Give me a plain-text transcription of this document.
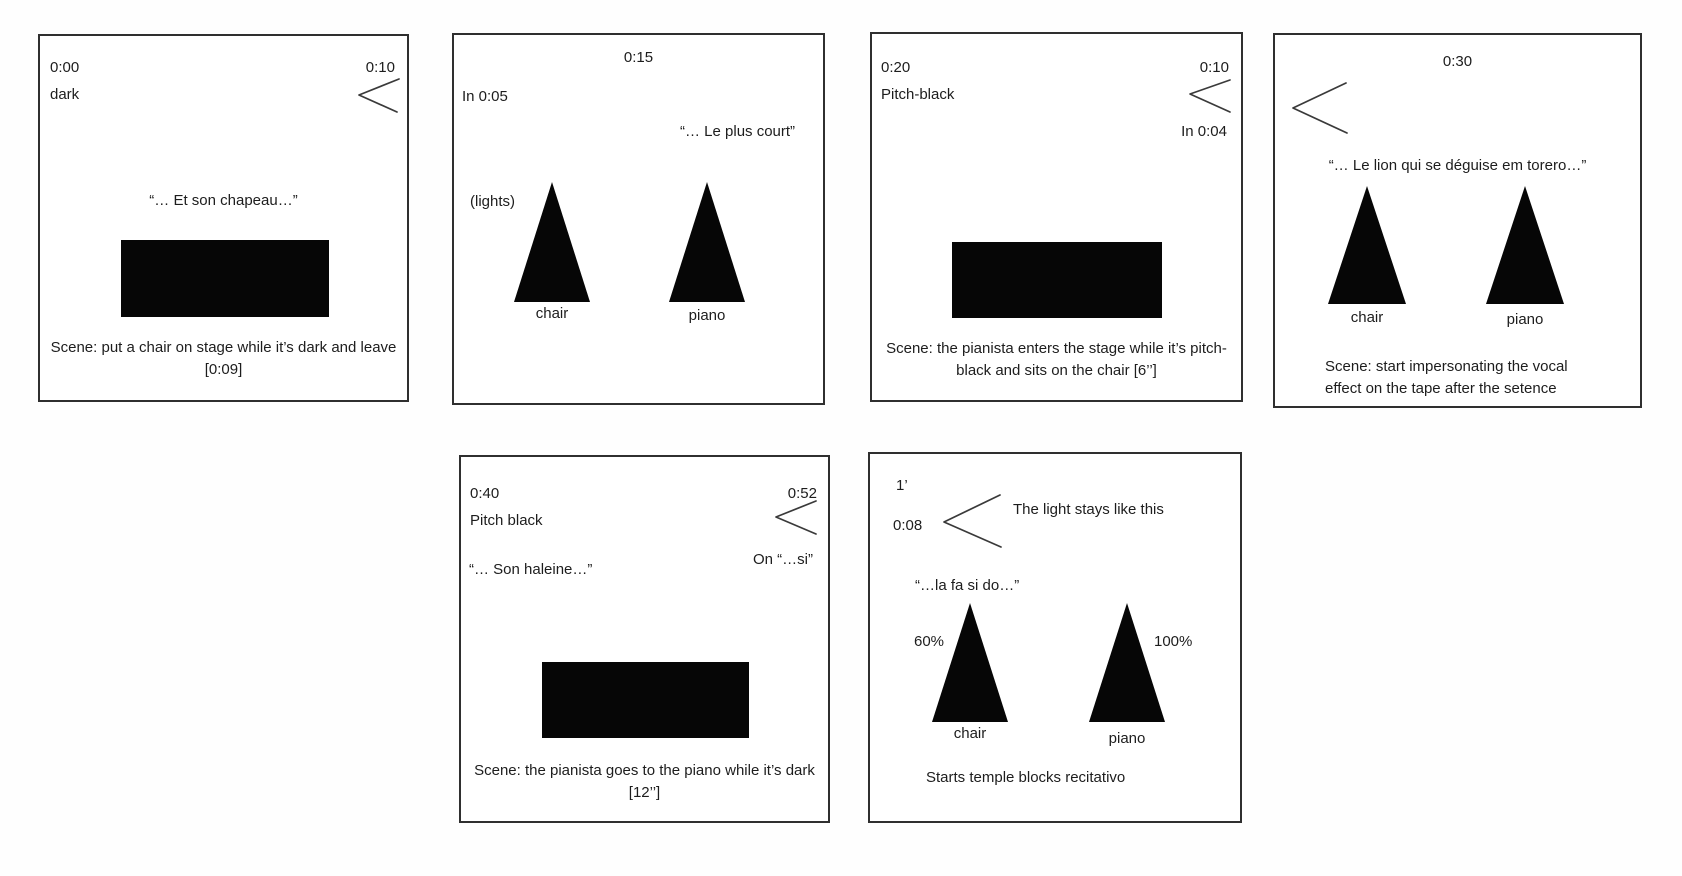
0:00
dark
0:10
“… Et son chapeau…”
Scene: put a chair on stage while it’s dark and leave
[0:09]
0:15
In 0:05
“… Le plus court”
(lights)
chair	piano
0:20
Pitch-black
0:10
In 0:04
Scene: the pianista enters the stage while it’s pitch-
black and sits on the chair [6’’]
0:30
“… Le lion qui se déguise em torero…”
chair	piano
Scene: start impersonating the vocal
effect on the tape after the setence
0:40
Pitch black
0:52
On “…si”
“… Son haleine…”
Scene: the pianista goes to the piano while it’s dark
[12’’]
1’
0:08
The light stays like this
“…la fa si do…”
60%
chair
100%
piano
Starts temple blocks recitativo
